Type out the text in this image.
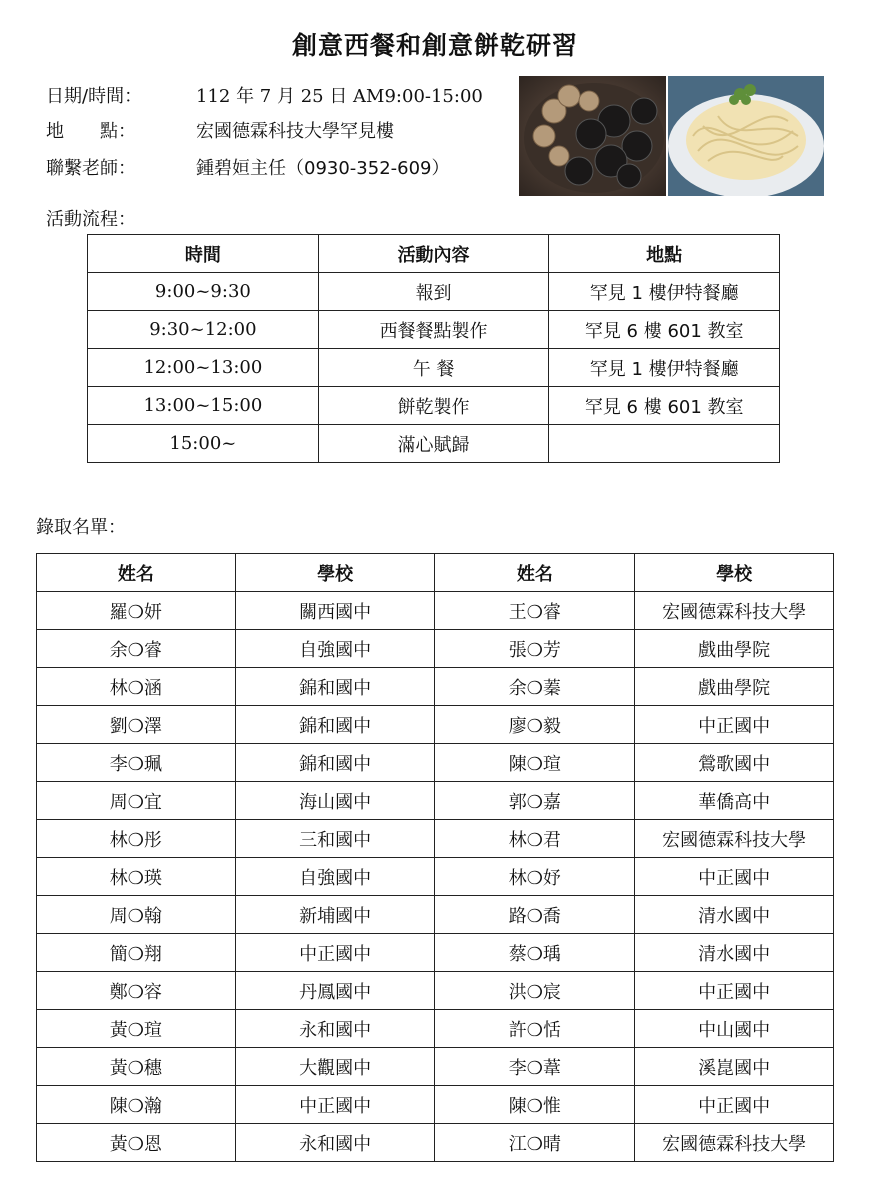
創意西餐和創意餅乾研習
日期/時間：	112 年 7 月 25 日 AM9:00-15:00
地　　點：	宏國德霖科技大學罕見樓
聯繫老師：	鍾碧姮主任（0930-352-609）
活動流程：
時間	活動內容	地點
9:00~9:30	報到	罕見 1 樓伊特餐廳
9:30~12:00	西餐餐點製作	罕見 6 樓 601 教室
12:00~13:00	午 餐	罕見 1 樓伊特餐廳
13:00~15:00	餅乾製作	罕見 6 樓 601 教室
15:00~	滿心賦歸	
錄取名單：
姓名	學校	姓名	學校
羅❍妍	關西國中	王❍睿	宏國德霖科技大學
余❍睿	自強國中	張❍芳	戲曲學院
林❍涵	錦和國中	余❍蓁	戲曲學院
劉❍澤	錦和國中	廖❍毅	中正國中
李❍珮	錦和國中	陳❍瑄	鶯歌國中
周❍宜	海山國中	郭❍嘉	華僑高中
林❍彤	三和國中	林❍君	宏國德霖科技大學
林❍瑛	自強國中	林❍妤	中正國中
周❍翰	新埔國中	路❍喬	清水國中
簡❍翔	中正國中	蔡❍瑀	清水國中
鄭❍容	丹鳳國中	洪❍宸	中正國中
黃❍瑄	永和國中	許❍恬	中山國中
黃❍穗	大觀國中	李❍葦	溪崑國中
陳❍瀚	中正國中	陳❍惟	中正國中
黃❍恩	永和國中	江❍晴	宏國德霖科技大學
